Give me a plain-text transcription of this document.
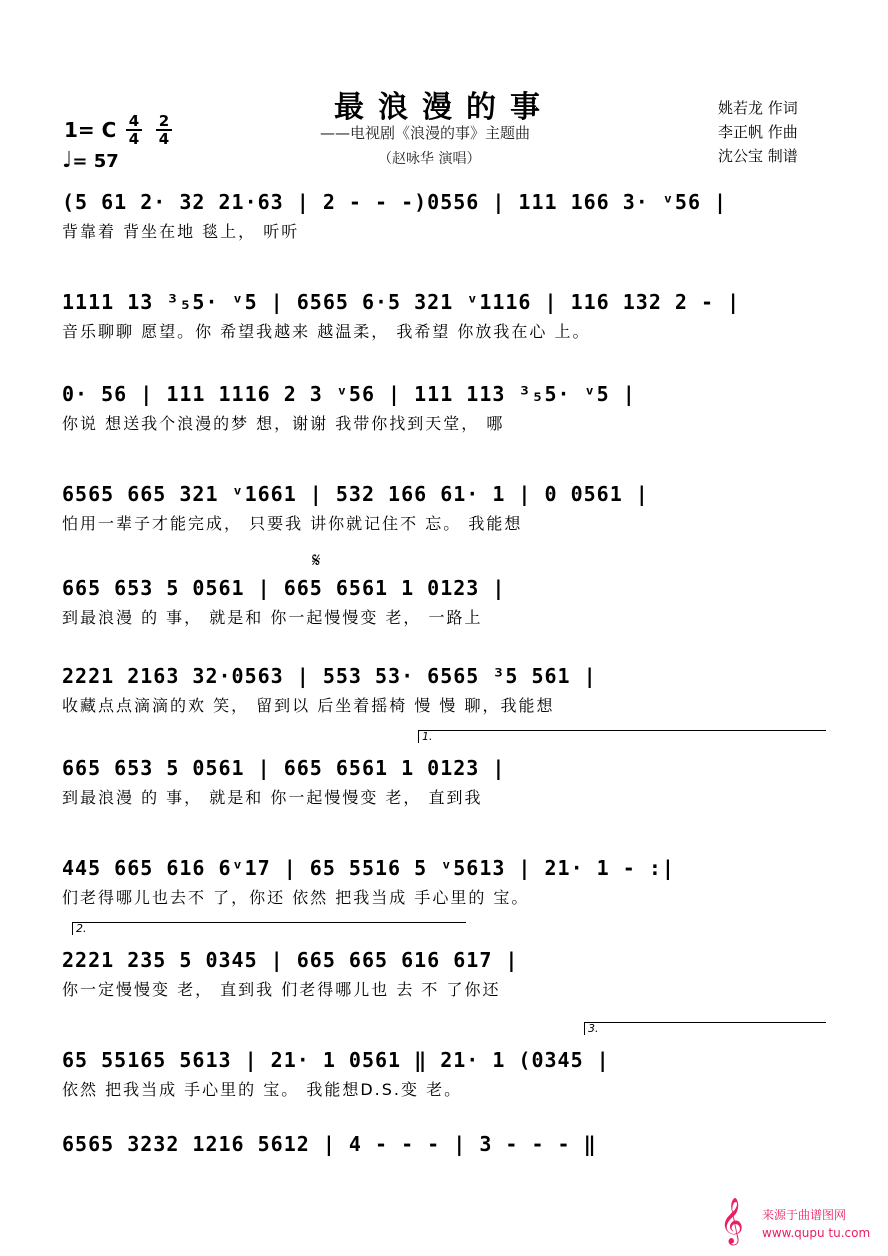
最浪漫的事
——电视剧《浪漫的事》主题曲
（赵咏华 演唱）
姚若龙 作词
李正帆 作曲
沈公宝 制谱
1= C 4
4
2
4
♩= 57
(5 61 2· 32 21·63 | 2 - - -)0556 | 111 166 3· ᵛ56 |
背靠着 背坐在地 毯上， 听听
1111 13 ³₅5· ᵛ5 | 6565 6·5 321 ᵛ1116 | 116 132 2 - |
音乐聊聊 愿望。你 希望我越来 越温柔， 我希望 你放我在心 上。
0· 56 | 111 1116 2 3 ᵛ56 | 111 113 ³₅5· ᵛ5 |
你说 想送我个浪漫的梦 想，谢谢 我带你找到天堂， 哪
6565 665 321 ᵛ1661 | 532 166 61· 1 | 0 0561 |
怕用一辈子才能完成， 只要我 讲你就记住不 忘。 我能想
𝄋
665 653 5 0561 | 665 6561 1 0123 |
到最浪漫 的 事， 就是和 你一起慢慢变 老， 一路上
2221 2163 32·0563 | 553 53· 6565 ³5 561 |
收藏点点滴滴的欢 笑， 留到以 后坐着摇椅 慢 慢 聊，我能想
1.
665 653 5 0561 | 665 6561 1 0123 |
到最浪漫 的 事， 就是和 你一起慢慢变 老， 直到我
445 665 616 6ᵛ17 | 65 5516 5 ᵛ5613 | 21· 1 - :|
们老得哪儿也去不 了，你还 依然 把我当成 手心里的 宝。
2.
2221 235 5 0345 | 665 665 616 617 |
你一定慢慢变 老， 直到我 们老得哪儿也 去 不 了你还
3.
65 55165 5613 | 21· 1 0561 ‖ 21· 1 (0345 |
依然 把我当成 手心里的 宝。 我能想D.S.变 老。
6565 3232 1216 5612 | 4 - - - | 3 - - - ‖
𝄞	来源于曲谱图网
www.qupu tu.com
